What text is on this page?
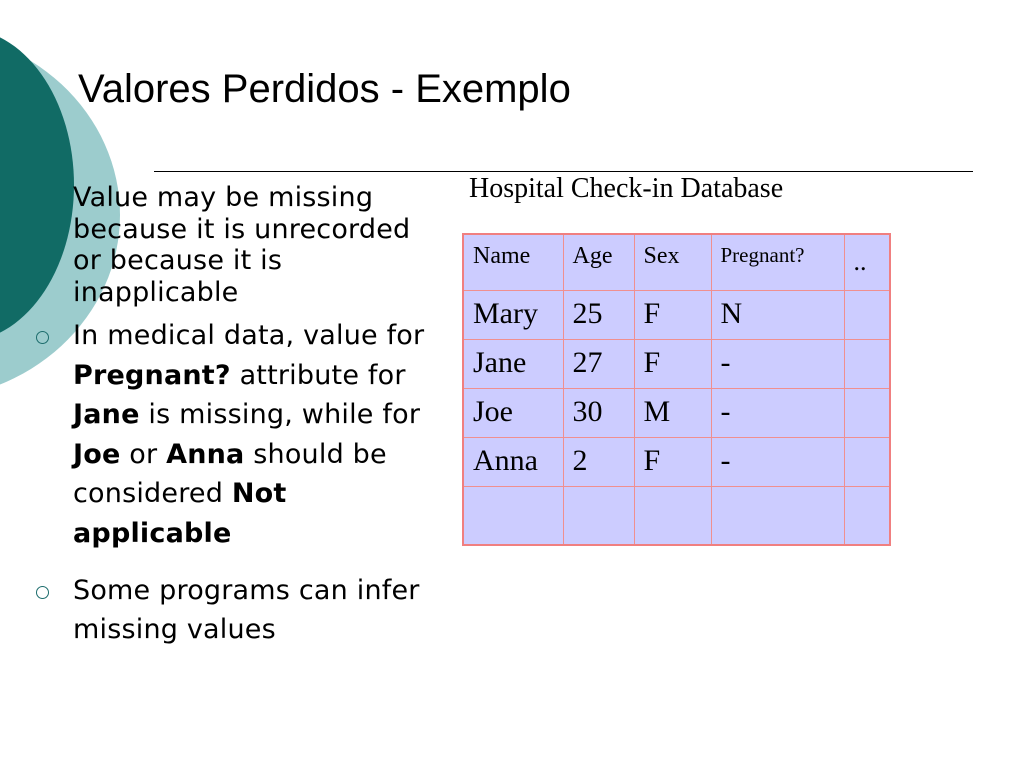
Valores Perdidos - Exemplo
Value may be missing because it is unrecorded or because it is inapplicable
In medical data, value for Pregnant? attribute for Jane is missing, while for Joe or Anna should be considered Not applicable
Some programs can infer missing values
Hospital Check-in Database
Name	Age	Sex	Pregnant?	..
Mary	25	F	N	
Jane	27	F	-	
Joe	30	M	-	
Anna	2	F	-	
